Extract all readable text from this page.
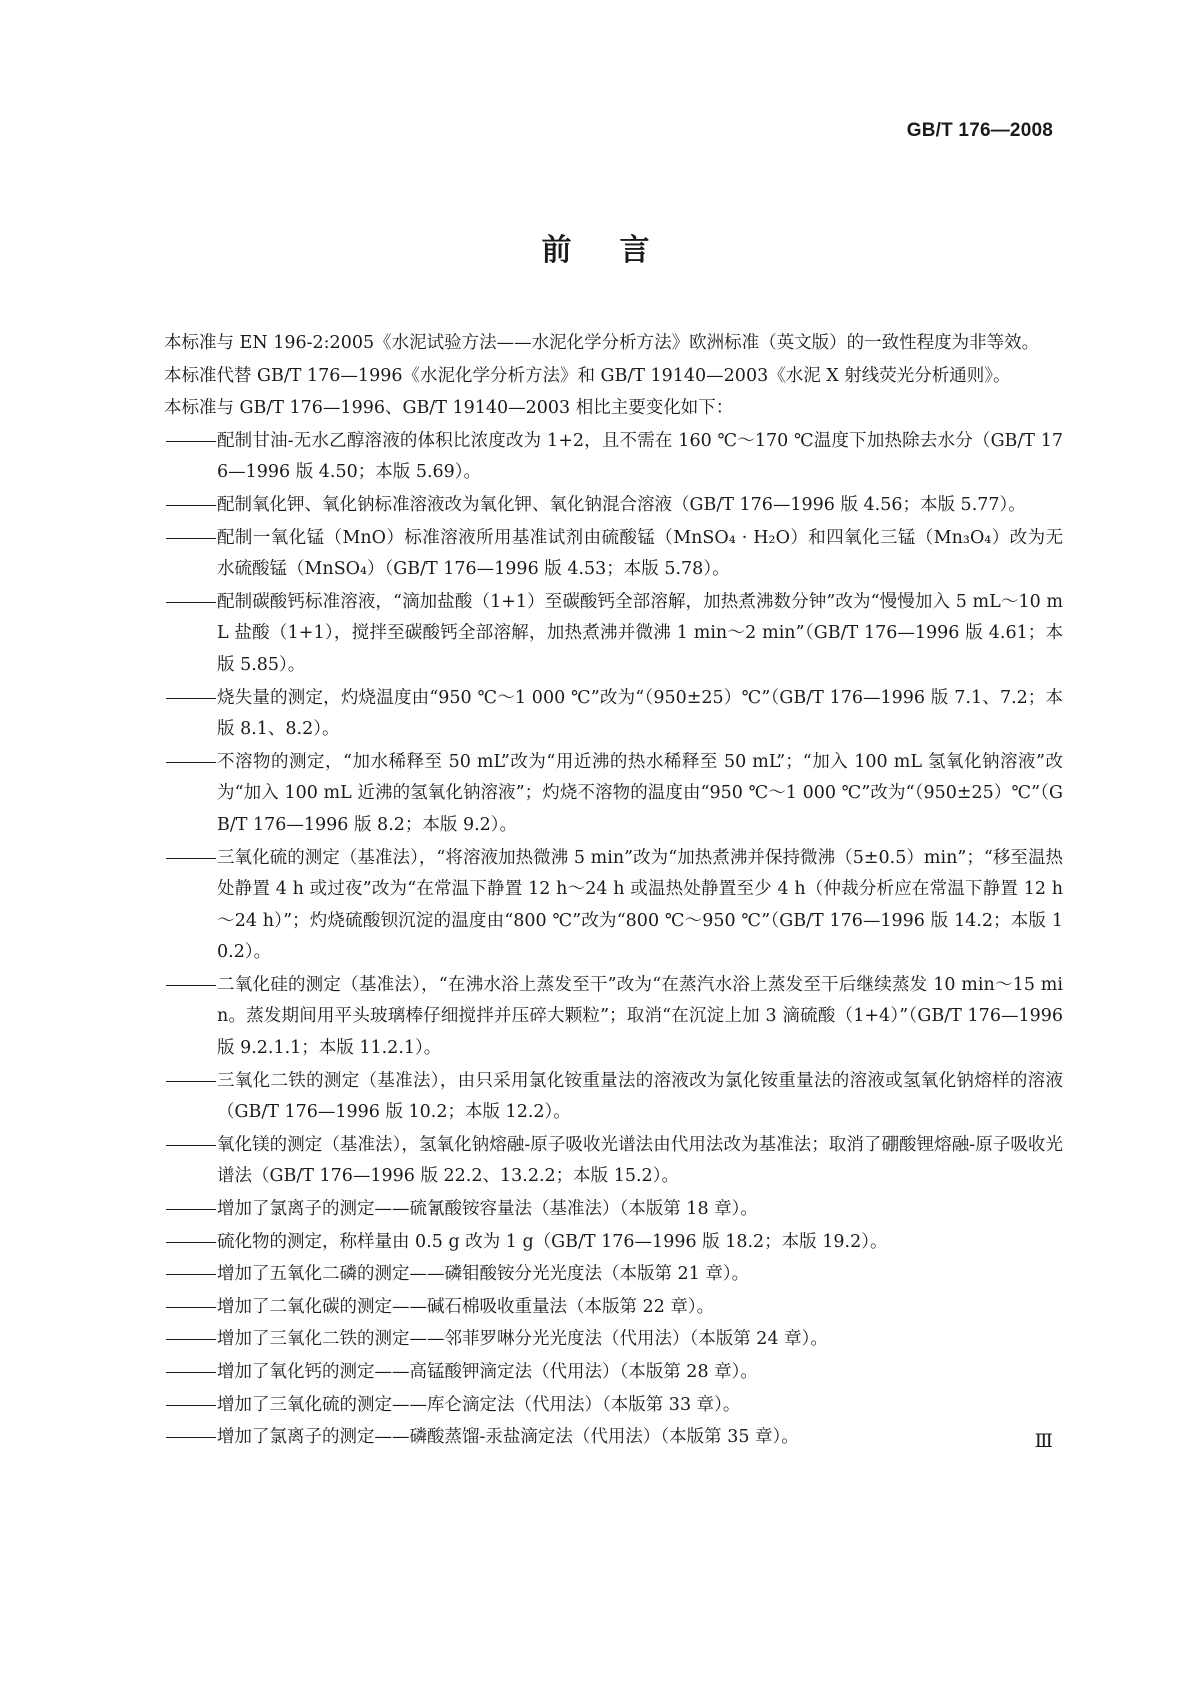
GB/T 176—2008
前言

本标准与 EN 196-2:2005《水泥试验方法——水泥化学分析方法》欧洲标准（英文版）的一致性程度为非等效。

本标准代替 GB/T 176—1996《水泥化学分析方法》和 GB/T 19140—2003《水泥 X 射线荧光分析通则》。

本标准与 GB/T 176—1996、GB/T 19140—2003 相比主要变化如下：

配制甘油-无水乙醇溶液的体积比浓度改为 1+2，且不需在 160 ℃～170 ℃温度下加热除去水分（GB/T 176—1996 版 4.50；本版 5.69）。
配制氧化钾、氧化钠标准溶液改为氧化钾、氧化钠混合溶液（GB/T 176—1996 版 4.56；本版 5.77）。
配制一氧化锰（MnO）标准溶液所用基准试剂由硫酸锰（MnSO₄ · H₂O）和四氧化三锰（Mn₃O₄）改为无水硫酸锰（MnSO₄）（GB/T 176—1996 版 4.53；本版 5.78）。
配制碳酸钙标准溶液，“滴加盐酸（1+1）至碳酸钙全部溶解，加热煮沸数分钟”改为“慢慢加入 5 mL～10 mL 盐酸（1+1），搅拌至碳酸钙全部溶解，加热煮沸并微沸 1 min～2 min”（GB/T 176—1996 版 4.61；本版 5.85）。
烧失量的测定，灼烧温度由“950 ℃～1 000 ℃”改为“（950±25）℃”（GB/T 176—1996 版 7.1、7.2；本版 8.1、8.2）。
不溶物的测定，“加水稀释至 50 mL”改为“用近沸的热水稀释至 50 mL”；“加入 100 mL 氢氧化钠溶液”改为“加入 100 mL 近沸的氢氧化钠溶液”；灼烧不溶物的温度由“950 ℃～1 000 ℃”改为“（950±25）℃”（GB/T 176—1996 版 8.2；本版 9.2）。
三氧化硫的测定（基准法），“将溶液加热微沸 5 min”改为“加热煮沸并保持微沸（5±0.5）min”；“移至温热处静置 4 h 或过夜”改为“在常温下静置 12 h～24 h 或温热处静置至少 4 h（仲裁分析应在常温下静置 12 h～24 h）”；灼烧硫酸钡沉淀的温度由“800 ℃”改为“800 ℃～950 ℃”（GB/T 176—1996 版 14.2；本版 10.2）。
二氧化硅的测定（基准法），“在沸水浴上蒸发至干”改为“在蒸汽水浴上蒸发至干后继续蒸发 10 min～15 min。蒸发期间用平头玻璃棒仔细搅拌并压碎大颗粒”；取消“在沉淀上加 3 滴硫酸（1+4）”（GB/T 176—1996 版 9.2.1.1；本版 11.2.1）。
三氧化二铁的测定（基准法），由只采用氯化铵重量法的溶液改为氯化铵重量法的溶液或氢氧化钠熔样的溶液（GB/T 176—1996 版 10.2；本版 12.2）。
氧化镁的测定（基准法），氢氧化钠熔融-原子吸收光谱法由代用法改为基准法；取消了硼酸锂熔融-原子吸收光谱法（GB/T 176—1996 版 22.2、13.2.2；本版 15.2）。
增加了氯离子的测定——硫氰酸铵容量法（基准法）（本版第 18 章）。
硫化物的测定，称样量由 0.5 g 改为 1 g（GB/T 176—1996 版 18.2；本版 19.2）。
增加了五氧化二磷的测定——磷钼酸铵分光光度法（本版第 21 章）。
增加了二氧化碳的测定——碱石棉吸收重量法（本版第 22 章）。
增加了三氧化二铁的测定——邻菲罗啉分光光度法（代用法）（本版第 24 章）。
增加了氧化钙的测定——高锰酸钾滴定法（代用法）（本版第 28 章）。
增加了三氧化硫的测定——库仑滴定法（代用法）（本版第 33 章）。
增加了氯离子的测定——磷酸蒸馏-汞盐滴定法（代用法）（本版第 35 章）。	Ⅲ
